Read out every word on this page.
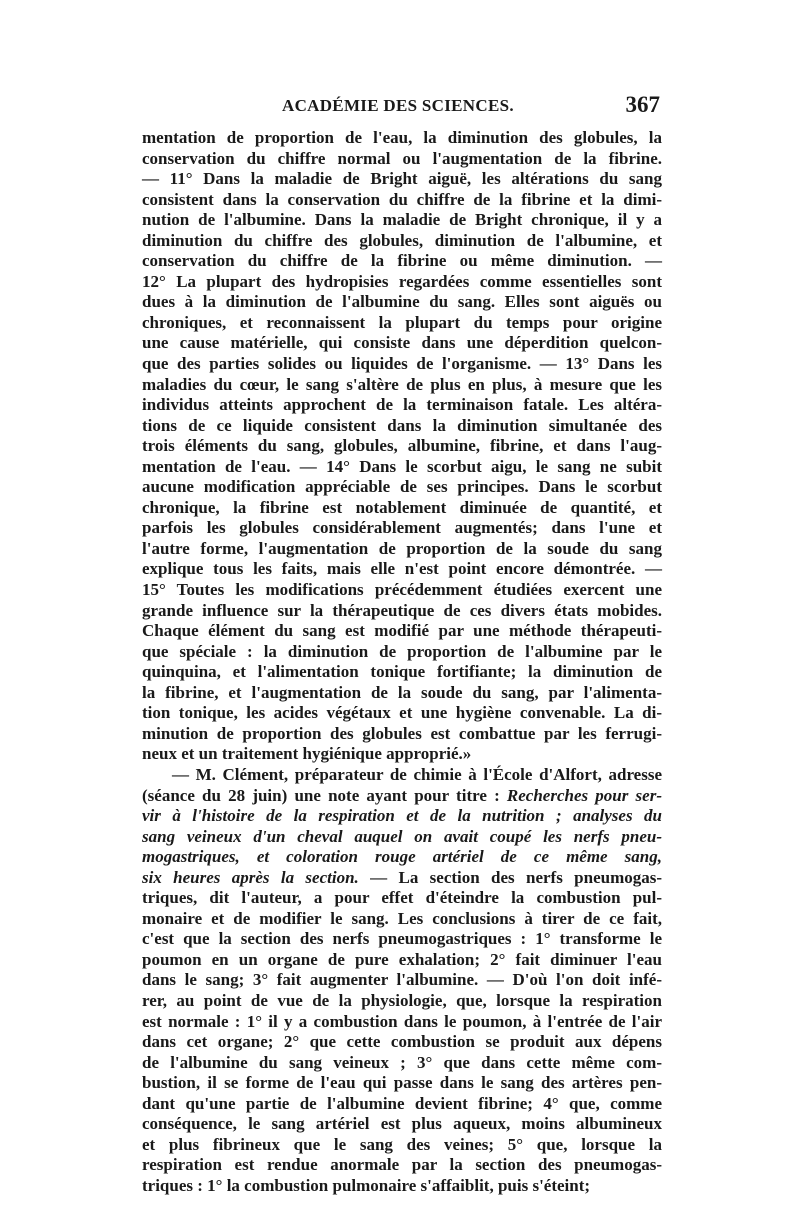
ACADÉMIE DES SCIENCES.	367
mentation de proportion de l'eau, la diminution des globules, la
conservation du chiffre normal ou l'augmentation de la fibrine.
— 11° Dans la maladie de Bright aiguë, les altérations du sang
consistent dans la conservation du chiffre de la fibrine et la dimi-
nution de l'albumine. Dans la maladie de Bright chronique, il y a
diminution du chiffre des globules, diminution de l'albumine, et
conservation du chiffre de la fibrine ou même diminution. —
12° La plupart des hydropisies regardées comme essentielles sont
dues à la diminution de l'albumine du sang. Elles sont aiguës ou
chroniques, et reconnaissent la plupart du temps pour origine
une cause matérielle, qui consiste dans une déperdition quelcon-
que des parties solides ou liquides de l'organisme. — 13° Dans les
maladies du cœur, le sang s'altère de plus en plus, à mesure que les
individus atteints approchent de la terminaison fatale. Les altéra-
tions de ce liquide consistent dans la diminution simultanée des
trois éléments du sang, globules, albumine, fibrine, et dans l'aug-
mentation de l'eau. — 14° Dans le scorbut aigu, le sang ne subit
aucune modification appréciable de ses principes. Dans le scorbut
chronique, la fibrine est notablement diminuée de quantité, et
parfois les globules considérablement augmentés; dans l'une et
l'autre forme, l'augmentation de proportion de la soude du sang
explique tous les faits, mais elle n'est point encore démontrée. —
15° Toutes les modifications précédemment étudiées exercent une
grande influence sur la thérapeutique de ces divers états mobides.
Chaque élément du sang est modifié par une méthode thérapeuti-
que spéciale : la diminution de proportion de l'albumine par le
quinquina, et l'alimentation tonique fortifiante; la diminution de
la fibrine, et l'augmentation de la soude du sang, par l'alimenta-
tion tonique, les acides végétaux et une hygiène convenable. La di-
minution de proportion des globules est combattue par les ferrugi-
neux et un traitement hygiénique approprié.»
— M. Clément, préparateur de chimie à l'École d'Alfort, adresse
(séance du 28 juin) une note ayant pour titre : Recherches pour ser-
vir à l'histoire de la respiration et de la nutrition ; analyses du
sang veineux d'un cheval auquel on avait coupé les nerfs pneu-
mogastriques, et coloration rouge artériel de ce même sang,
six heures après la section. — La section des nerfs pneumogas-
triques, dit l'auteur, a pour effet d'éteindre la combustion pul-
monaire et de modifier le sang. Les conclusions à tirer de ce fait,
c'est que la section des nerfs pneumogastriques : 1° transforme le
poumon en un organe de pure exhalation; 2° fait diminuer l'eau
dans le sang; 3° fait augmenter l'albumine. — D'où l'on doit infé-
rer, au point de vue de la physiologie, que, lorsque la respiration
est normale : 1° il y a combustion dans le poumon, à l'entrée de l'air
dans cet organe; 2° que cette combustion se produit aux dépens
de l'albumine du sang veineux ; 3° que dans cette même com-
bustion, il se forme de l'eau qui passe dans le sang des artères pen-
dant qu'une partie de l'albumine devient fibrine; 4° que, comme
conséquence, le sang artériel est plus aqueux, moins albumineux
et plus fibrineux que le sang des veines; 5° que, lorsque la
respiration est rendue anormale par la section des pneumogas-
triques : 1° la combustion pulmonaire s'affaiblit, puis s'éteint;
